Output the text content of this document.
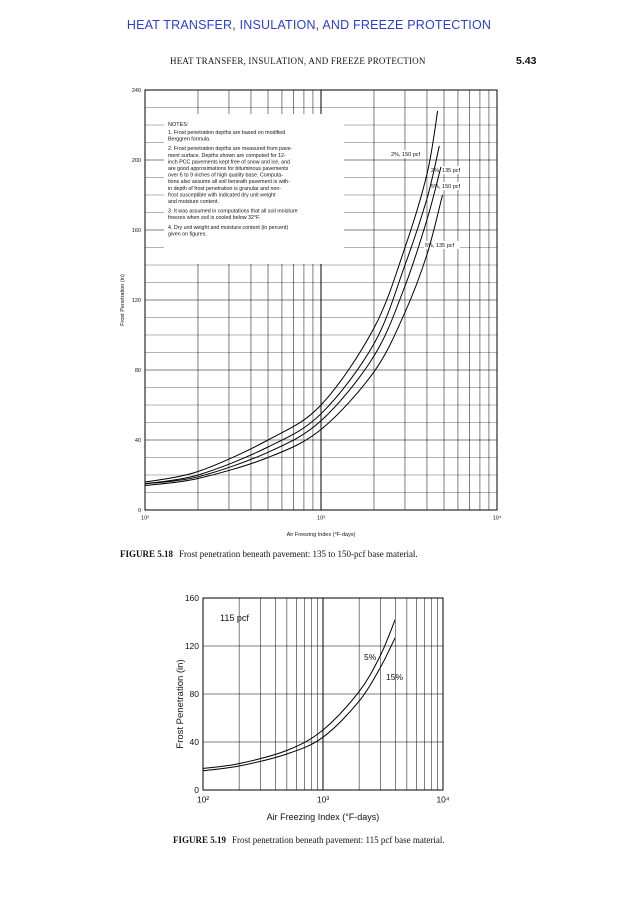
HEAT TRANSFER, INSULATION, AND FREEZE PROTECTION
HEAT TRANSFER, INSULATION, AND FREEZE PROTECTION	5.43
NOTES:
1. Frost penetration depths are based on modified
Berggren formula.
2. Frost penetration depths are measured from pave-
ment surface. Depths shown are computed for 12-
inch PCC pavements kept free of snow and ice, and
are good approximations for bituminous pavements
over 6 to 9 inches of high quality base. Computa-
tions also assume all soil beneath pavement is with-
in depth of frost penetration is granular and non-
frost susceptible with indicated dry unit weight
and moisture content.
3. It was assumed in computations that all soil moisture
freezes when soil is cooled below 32°F.
4. Dry unit weight and moisture content (in percent)
given on figures.
2%, 150 pcf
2%, 135 pcf
5%, 150 pcf
5%, 135 pcf
0
40
80
120
160
200
240
10²	10³	10⁴
Air Freezing Index (°F-days)
Frost Penetration (in)
FIGURE 5.18 Frost penetration beneath pavement: 135 to 150-pcf base material.
5%
15%
0
40
80
120
160
10²	10³	10⁴
115 pcf
Air Freezing Index (°F-days)
Frost Penetration (in)
FIGURE 5.19 Frost penetration beneath pavement: 115 pcf base material.
